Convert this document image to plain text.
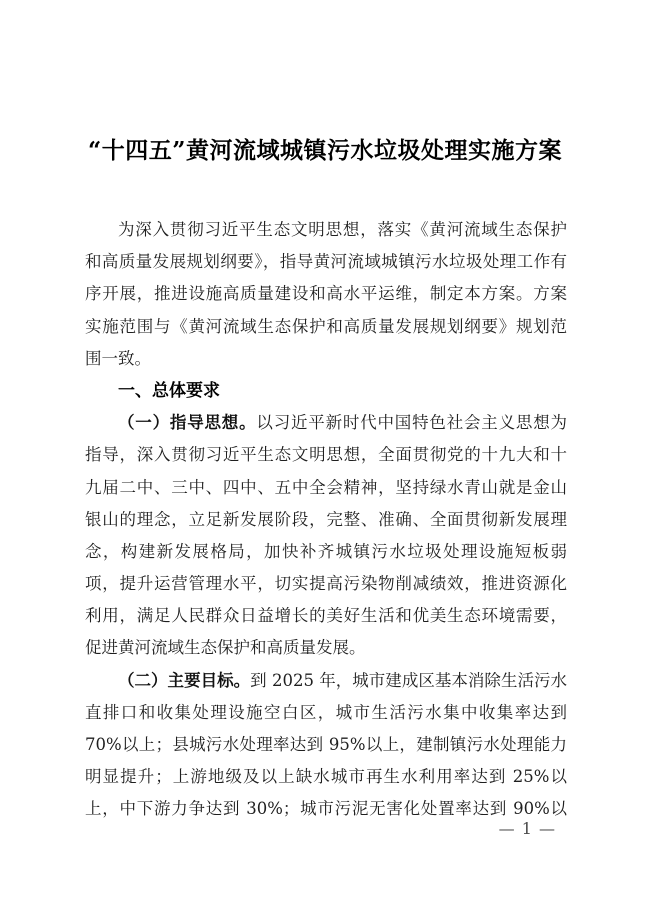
“十四五”黄河流域城镇污水垃圾处理实施方案
为深入贯彻习近平生态文明思想，落实《黄河流域生态保护
和高质量发展规划纲要》，指导黄河流域城镇污水垃圾处理工作有
序开展，推进设施高质量建设和高水平运维，制定本方案。方案
实施范围与《黄河流域生态保护和高质量发展规划纲要》规划范
围一致。
一、总体要求
（一）指导思想。以习近平新时代中国特色社会主义思想为
指导，深入贯彻习近平生态文明思想，全面贯彻党的十九大和十
九届二中、三中、四中、五中全会精神，坚持绿水青山就是金山
银山的理念，立足新发展阶段，完整、准确、全面贯彻新发展理
念，构建新发展格局，加快补齐城镇污水垃圾处理设施短板弱
项，提升运营管理水平，切实提高污染物削减绩效，推进资源化
利用，满足人民群众日益增长的美好生活和优美生态环境需要，
促进黄河流域生态保护和高质量发展。
（二）主要目标。到 2025 年，城市建成区基本消除生活污水
直排口和收集处理设施空白区，城市生活污水集中收集率达到
70%以上；县城污水处理率达到 95%以上，建制镇污水处理能力
明显提升；上游地级及以上缺水城市再生水利用率达到 25%以
上，中下游力争达到 30%；城市污泥无害化处置率达到 90%以
— 1 —
